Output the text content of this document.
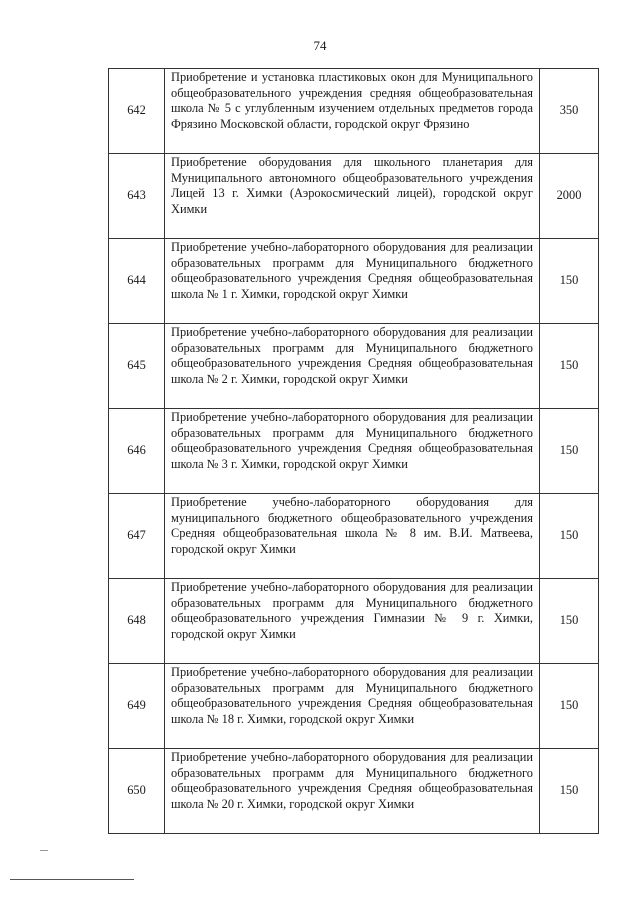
74
642	Приобретение и установка пластиковых окон для Муниципального общеобразовательного учреждения средняя общеобразовательная школа № 5 с углубленным изучением отдельных предметов города Фрязино Московской области, городской округ Фрязино	350
643	Приобретение оборудования для школьного планетария для Муниципального автономного общеобразовательного учреждения Лицей 13 г. Химки (Аэрокосмический лицей), городской округ Химки	2000
644	Приобретение учебно-лабораторного оборудования для реализации образовательных программ для Муниципального бюджетного общеобразовательного учреждения Средняя общеобразовательная школа № 1 г. Химки, городской округ Химки	150
645	Приобретение учебно-лабораторного оборудования для реализации образовательных программ для Муниципального бюджетного общеобразовательного учреждения Средняя общеобразовательная школа № 2 г. Химки, городской округ Химки	150
646	Приобретение учебно-лабораторного оборудования для реализации образовательных программ для Муниципального бюджетного общеобразовательного учреждения Средняя общеобразовательная школа № 3 г. Химки, городской округ Химки	150
647	Приобретение учебно-лабораторного оборудования для муниципального бюджетного общеобразовательного учреждения Средняя общеобразовательная школа № 8 им. В.И. Матвеева, городской округ Химки	150
648	Приобретение учебно-лабораторного оборудования для реализации образовательных программ для Муниципального бюджетного общеобразовательного учреждения Гимназии № 9 г. Химки, городской округ Химки	150
649	Приобретение учебно-лабораторного оборудования для реализации образовательных программ для Муниципального бюджетного общеобразовательного учреждения Средняя общеобразовательная школа № 18 г. Химки, городской округ Химки	150
650	Приобретение учебно-лабораторного оборудования для реализации образовательных программ для Муниципального бюджетного общеобразовательного учреждения Средняя общеобразовательная школа № 20 г. Химки, городской округ Химки	150
